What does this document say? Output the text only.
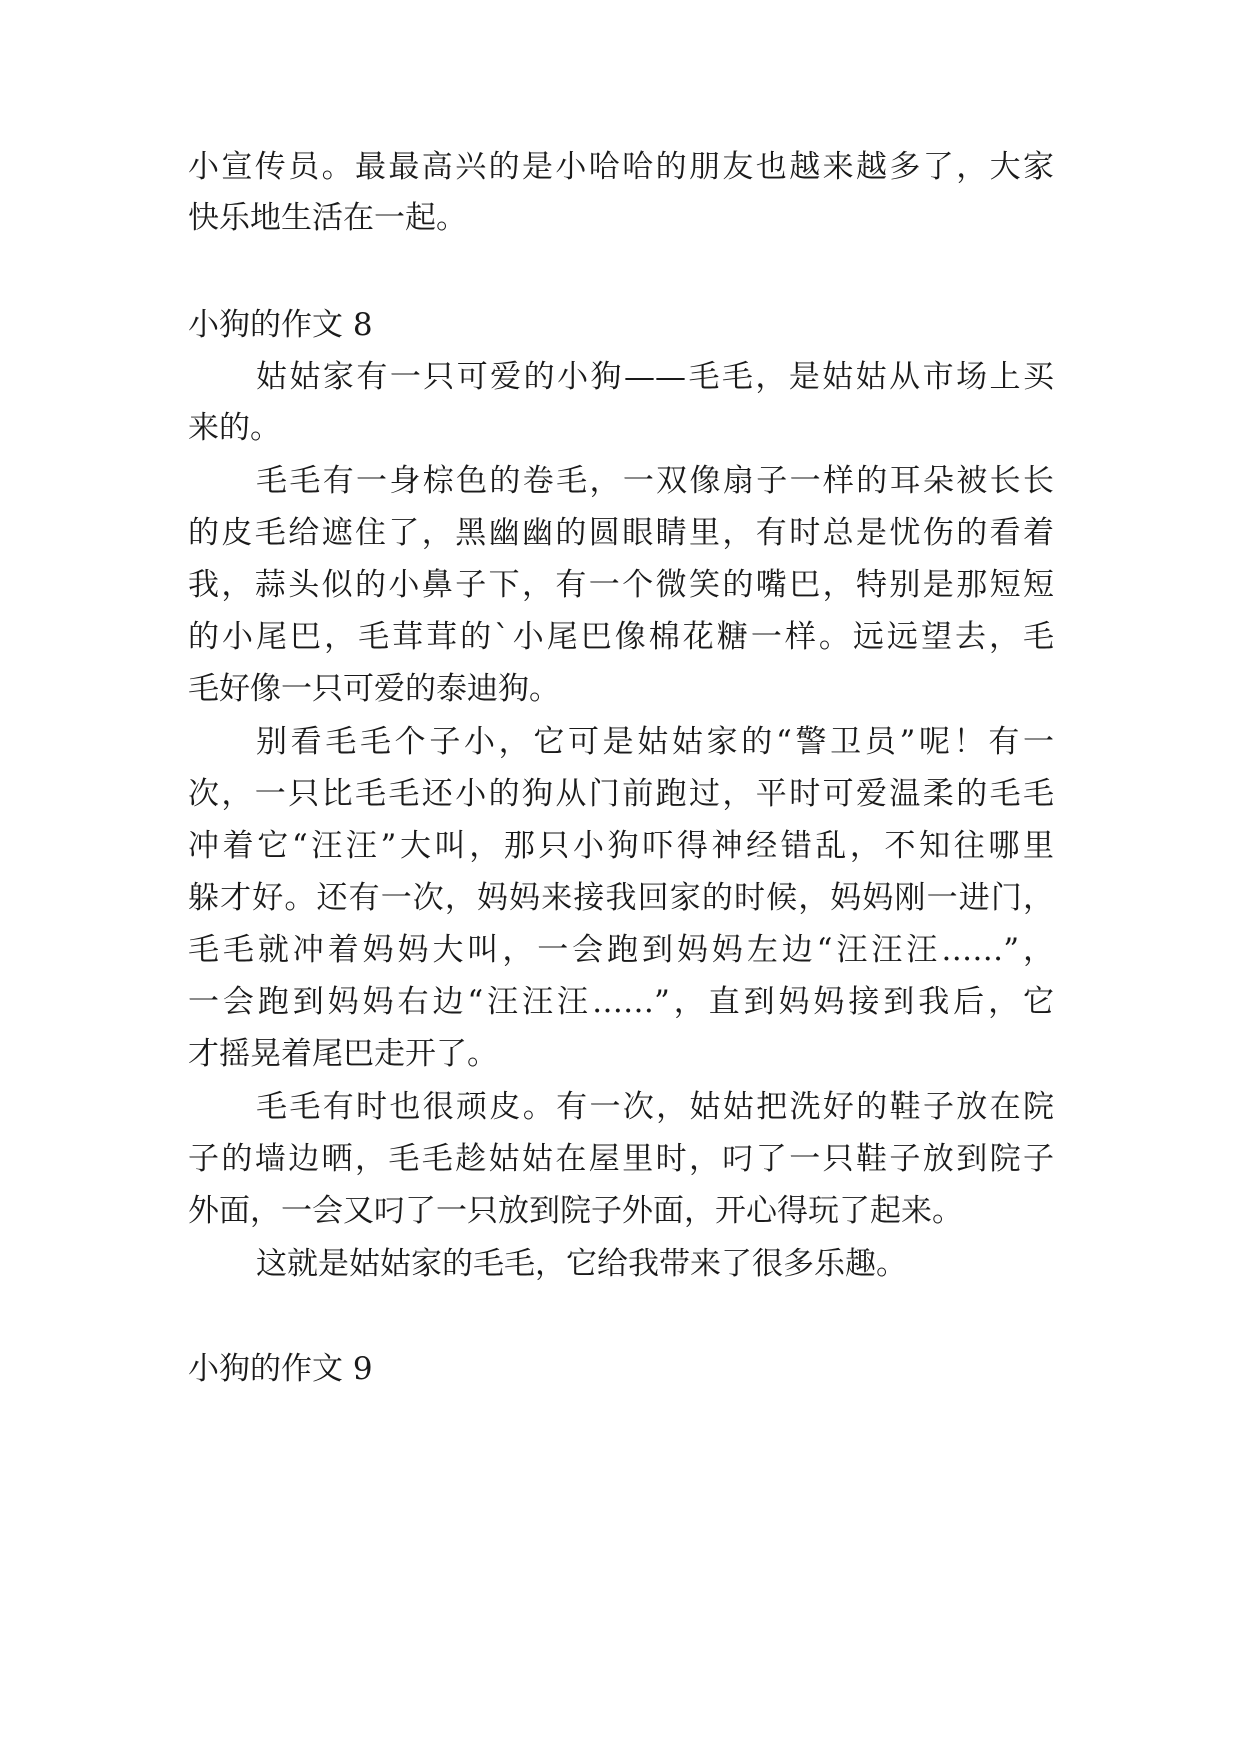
小宣传员。最最高兴的是小哈哈的朋友也越来越多了，大家
快乐地生活在一起。
小狗的作文 8
姑姑家有一只可爱的小狗——毛毛，是姑姑从市场上买
来的。
毛毛有一身棕色的卷毛，一双像扇子一样的耳朵被长长
的皮毛给遮住了，黑幽幽的圆眼睛里，有时总是忧伤的看着
我，蒜头似的小鼻子下，有一个微笑的嘴巴，特别是那短短
的小尾巴，毛茸茸的`小尾巴像棉花糖一样。远远望去，毛
毛好像一只可爱的泰迪狗。
别看毛毛个子小，它可是姑姑家的“警卫员”呢！有一
次，一只比毛毛还小的狗从门前跑过，平时可爱温柔的毛毛
冲着它“汪汪”大叫，那只小狗吓得神经错乱，不知往哪里
躲才好。还有一次，妈妈来接我回家的时候，妈妈刚一进门，
毛毛就冲着妈妈大叫，一会跑到妈妈左边“汪汪汪……”，
一会跑到妈妈右边“汪汪汪……”，直到妈妈接到我后，它
才摇晃着尾巴走开了。
毛毛有时也很顽皮。有一次，姑姑把洗好的鞋子放在院
子的墙边晒，毛毛趁姑姑在屋里时，叼了一只鞋子放到院子
外面，一会又叼了一只放到院子外面，开心得玩了起来。
这就是姑姑家的毛毛，它给我带来了很多乐趣。
小狗的作文 9
